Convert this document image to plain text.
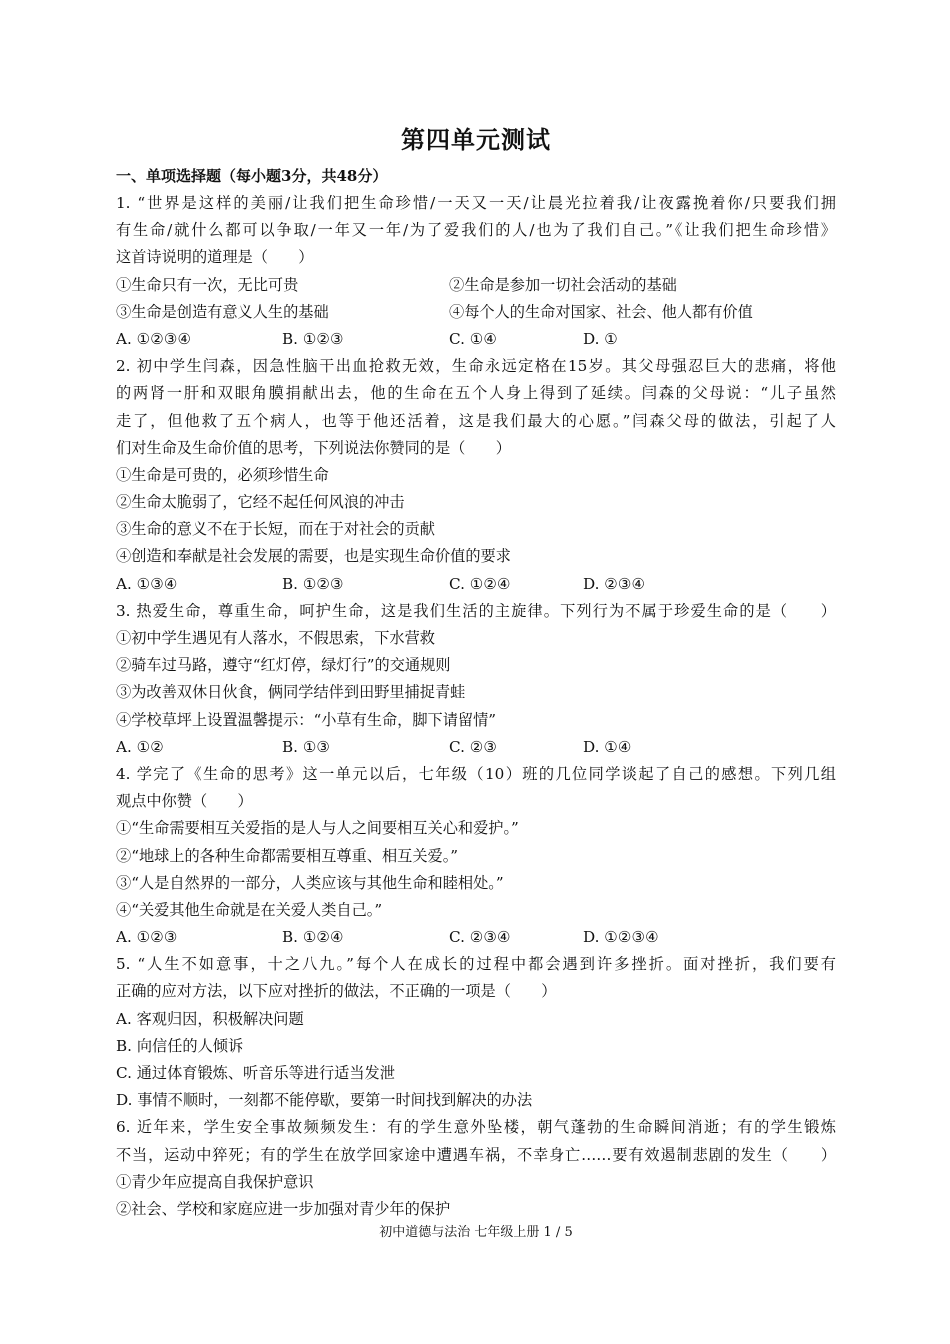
第四单元测试
一、单项选择题（每小题3分，共48分）
1. “世界是这样的美丽/让我们把生命珍惜/一天又一天/让晨光拉着我/让夜露挽着你/只要我们拥
有生命/就什么都可以争取/一年又一年/为了爱我们的人/也为了我们自己。”《让我们把生命珍惜》
这首诗说明的道理是（　　）
①生命只有一次，无比可贵	②生命是参加一切社会活动的基础
③生命是创造有意义人生的基础	④每个人的生命对国家、社会、他人都有价值
A. ①②③④	B. ①②③	C. ①④	D. ①
2. 初中学生闫森，因急性脑干出血抢救无效，生命永远定格在15岁。其父母强忍巨大的悲痛，将他
的两肾一肝和双眼角膜捐献出去，他的生命在五个人身上得到了延续。闫森的父母说：“儿子虽然
走了，但他救了五个病人，也等于他还活着，这是我们最大的心愿。”闫森父母的做法，引起了人
们对生命及生命价值的思考，下列说法你赞同的是（　　）
①生命是可贵的，必须珍惜生命
②生命太脆弱了，它经不起任何风浪的冲击
③生命的意义不在于长短，而在于对社会的贡献
④创造和奉献是社会发展的需要，也是实现生命价值的要求
A. ①③④	B. ①②③	C. ①②④	D. ②③④
3. 热爱生命，尊重生命，呵护生命，这是我们生活的主旋律。下列行为不属于珍爱生命的是（　　）
①初中学生遇见有人落水，不假思索，下水营救
②骑车过马路，遵守“红灯停，绿灯行”的交通规则
③为改善双休日伙食，俩同学结伴到田野里捕捉青蛙
④学校草坪上设置温馨提示：“小草有生命，脚下请留情”
A. ①②	B. ①③	C. ②③	D. ①④
4. 学完了《生命的思考》这一单元以后，七年级（10）班的几位同学谈起了自己的感想。下列几组
观点中你赞（　　）
①“生命需要相互关爱指的是人与人之间要相互关心和爱护。”
②“地球上的各种生命都需要相互尊重、相互关爱。”
③“人是自然界的一部分，人类应该与其他生命和睦相处。”
④“关爱其他生命就是在关爱人类自己。”
A. ①②③	B. ①②④	C. ②③④	D. ①②③④
5. “人生不如意事，十之八九。”每个人在成长的过程中都会遇到许多挫折。面对挫折，我们要有
正确的应对方法，以下应对挫折的做法，不正确的一项是（　　）
A. 客观归因，积极解决问题
B. 向信任的人倾诉
C. 通过体育锻炼、听音乐等进行适当发泄
D. 事情不顺时，一刻都不能停歇，要第一时间找到解决的办法
6. 近年来，学生安全事故频频发生：有的学生意外坠楼，朝气蓬勃的生命瞬间消逝；有的学生锻炼
不当，运动中猝死；有的学生在放学回家途中遭遇车祸，不幸身亡……要有效遏制悲剧的发生（　　）
①青少年应提高自我保护意识
②社会、学校和家庭应进一步加强对青少年的保护
初中道德与法治 七年级上册 1 / 5
